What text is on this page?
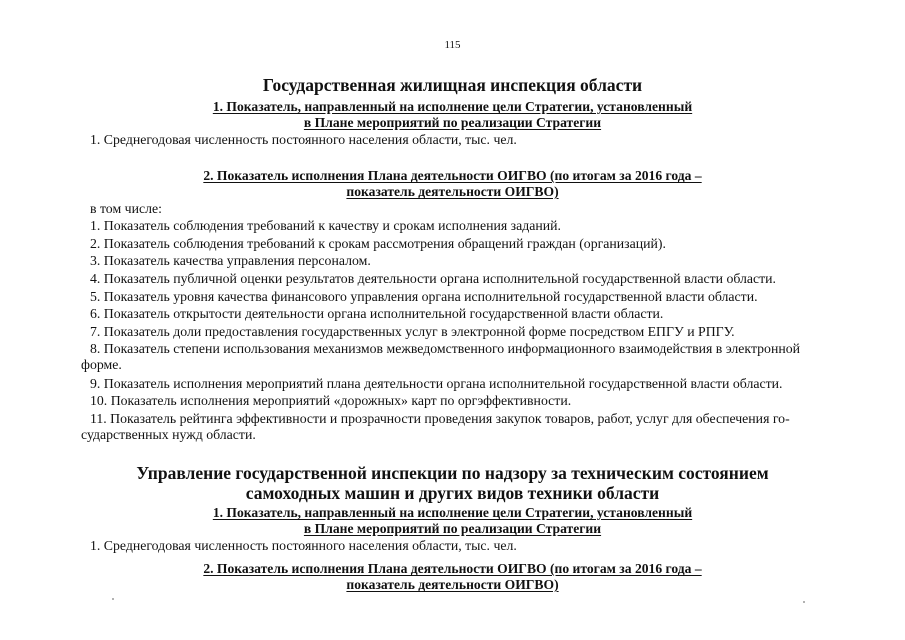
115
Государственная жилищная инспекция области
1. Показатель, направленный на исполнение цели Стратегии, установленный
в Плане мероприятий по реализации Стратегии
1. Среднегодовая численность постоянного населения области, тыс. чел.
2. Показатель исполнения Плана деятельности ОИГВО (по итогам за 2016 года –
показатель деятельности ОИГВО)
в том числе:
1. Показатель соблюдения требований к качеству и срокам исполнения заданий.
2. Показатель соблюдения требований к срокам рассмотрения обращений граждан (организаций).
3. Показатель качества управления персоналом.
4. Показатель публичной оценки результатов деятельности органа исполнительной государственной власти области.
5. Показатель уровня качества финансового управления органа исполнительной государственной власти области.
6. Показатель открытости деятельности органа исполнительной государственной власти области.
7. Показатель доли предоставления государственных услуг в электронной форме посредством ЕПГУ и РПГУ.
8. Показатель степени использования механизмов межведомственного информационного взаимодействия в электронной
форме.
9. Показатель исполнения мероприятий плана деятельности органа исполнительной государственной власти области.
10. Показатель исполнения мероприятий «дорожных» карт по оргэффективности.
11. Показатель рейтинга эффективности и прозрачности проведения закупок товаров, работ, услуг для обеспечения го-
сударственных нужд области.
Управление государственной инспекции по надзору за техническим состоянием
самоходных машин и других видов техники области
1. Показатель, направленный на исполнение цели Стратегии, установленный
в Плане мероприятий по реализации Стратегии
1. Среднегодовая численность постоянного населения области, тыс. чел.
2. Показатель исполнения Плана деятельности ОИГВО (по итогам за 2016 года –
показатель деятельности ОИГВО)
